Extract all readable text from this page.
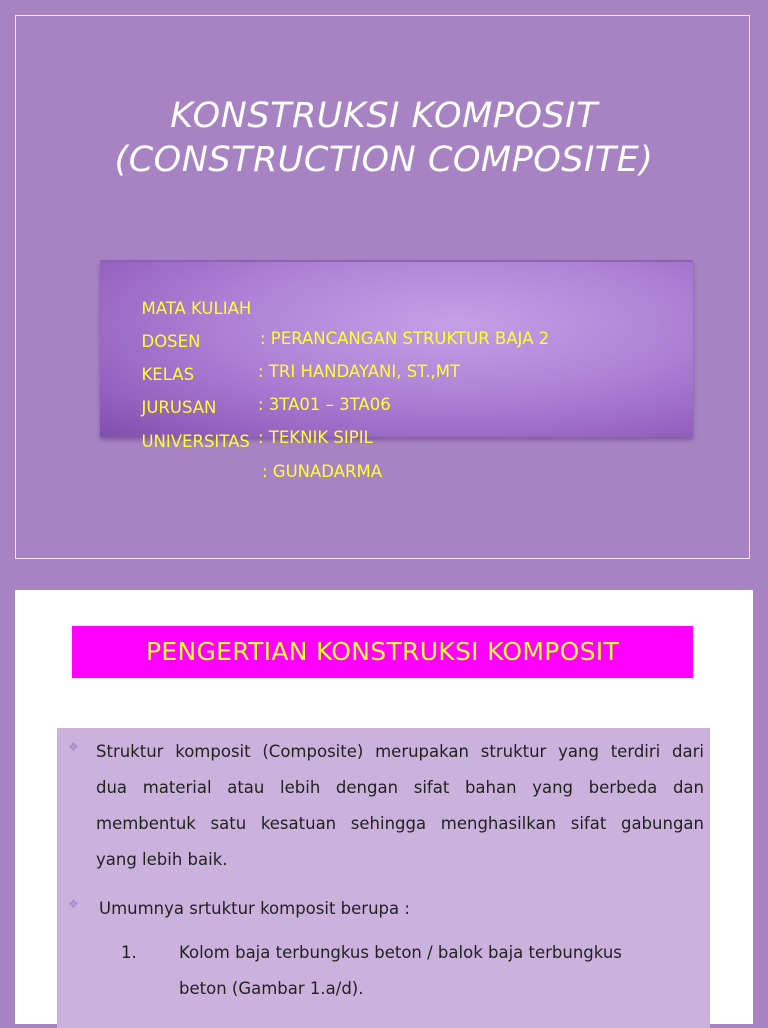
KONSTRUKSI KOMPOSIT
(CONSTRUCTION COMPOSITE)

MATA KULIAH

: PERANCANGAN STRUKTUR BAJA 2

DOSEN

: TRI HANDAYANI, ST.,MT

KELAS

: 3TA01 – 3TA06

JURUSAN

: TEKNIK SIPIL

UNIVERSITAS

: GUNADARMA

PENGERTIAN KONSTRUKSI KOMPOSIT
❖ Struktur komposit (Composite) merupakan struktur yang terdiri dari
dua material atau lebih dengan sifat bahan yang berbeda dan
membentuk satu kesatuan sehingga menghasilkan sifat gabungan
yang lebih baik.
❖ Umumnya srtuktur komposit berupa :
1.	Kolom baja terbungkus beton / balok baja terbungkus
beton (Gambar 1.a/d).
